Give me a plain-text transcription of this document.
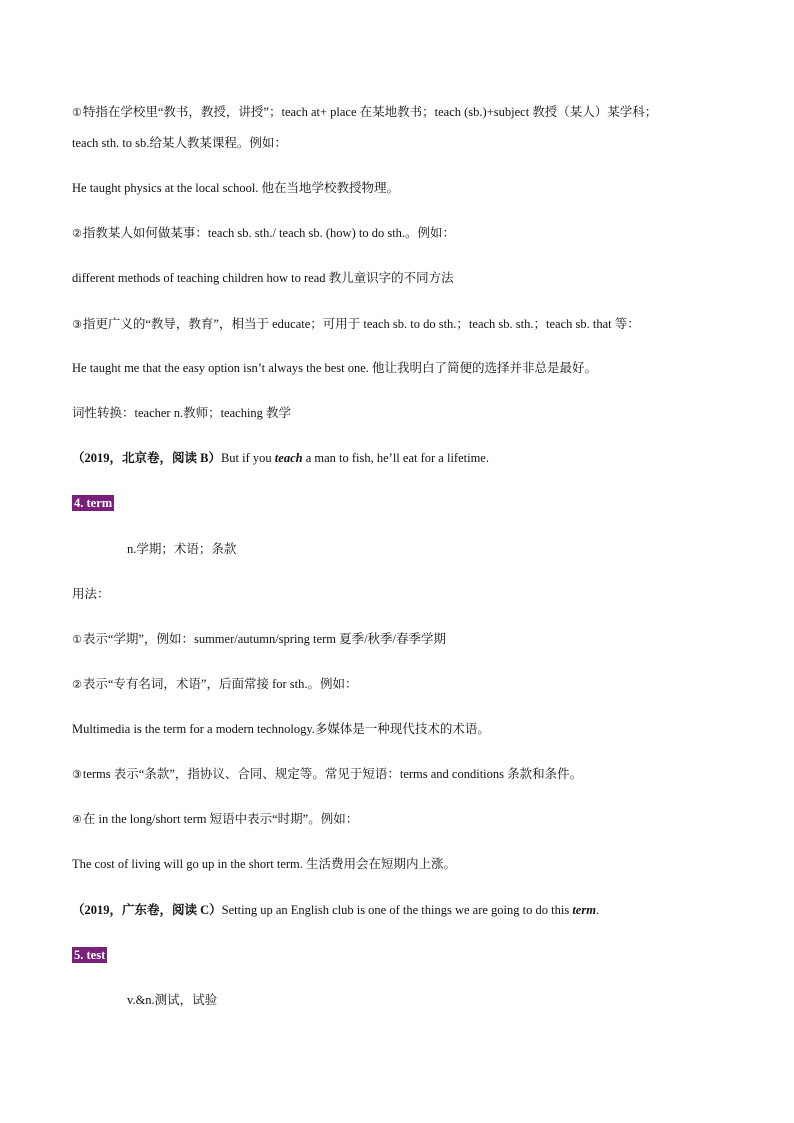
①特指在学校里“教书，教授，讲授”；teach at+ place 在某地教书；teach (sb.)+subject 教授（某人）某学科；
teach sth. to sb.给某人教某课程。例如：
He taught physics at the local school. 他在当地学校教授物理。
②指教某人如何做某事：teach sb. sth./ teach sb. (how) to do sth.。例如：
different methods of teaching children how to read 教儿童识字的不同方法
③指更广义的“教导，教育”，相当于 educate；可用于 teach sb. to do sth.；teach sb. sth.；teach sb. that 等：
He taught me that the easy option isn’t always the best one. 他让我明白了简便的选择并非总是最好。
词性转换：teacher n.教师；teaching 教学
（2019，北京卷，阅读 B）But if you teach a man to fish, he’ll eat for a lifetime.
4. term
n.学期；术语；条款
用法：
①表示“学期”，例如：summer/autumn/spring term 夏季/秋季/春季学期
②表示“专有名词，术语”，后面常接 for sth.。例如：
Multimedia is the term for a modern technology.多媒体是一种现代技术的术语。
③terms 表示“条款”，指协议、合同、规定等。常见于短语：terms and conditions 条款和条件。
④在 in the long/short term 短语中表示“时期”。例如：
The cost of living will go up in the short term. 生活费用会在短期内上涨。
（2019，广东卷，阅读 C）Setting up an English club is one of the things we are going to do this term.
5. test
v.&n.测试，试验
